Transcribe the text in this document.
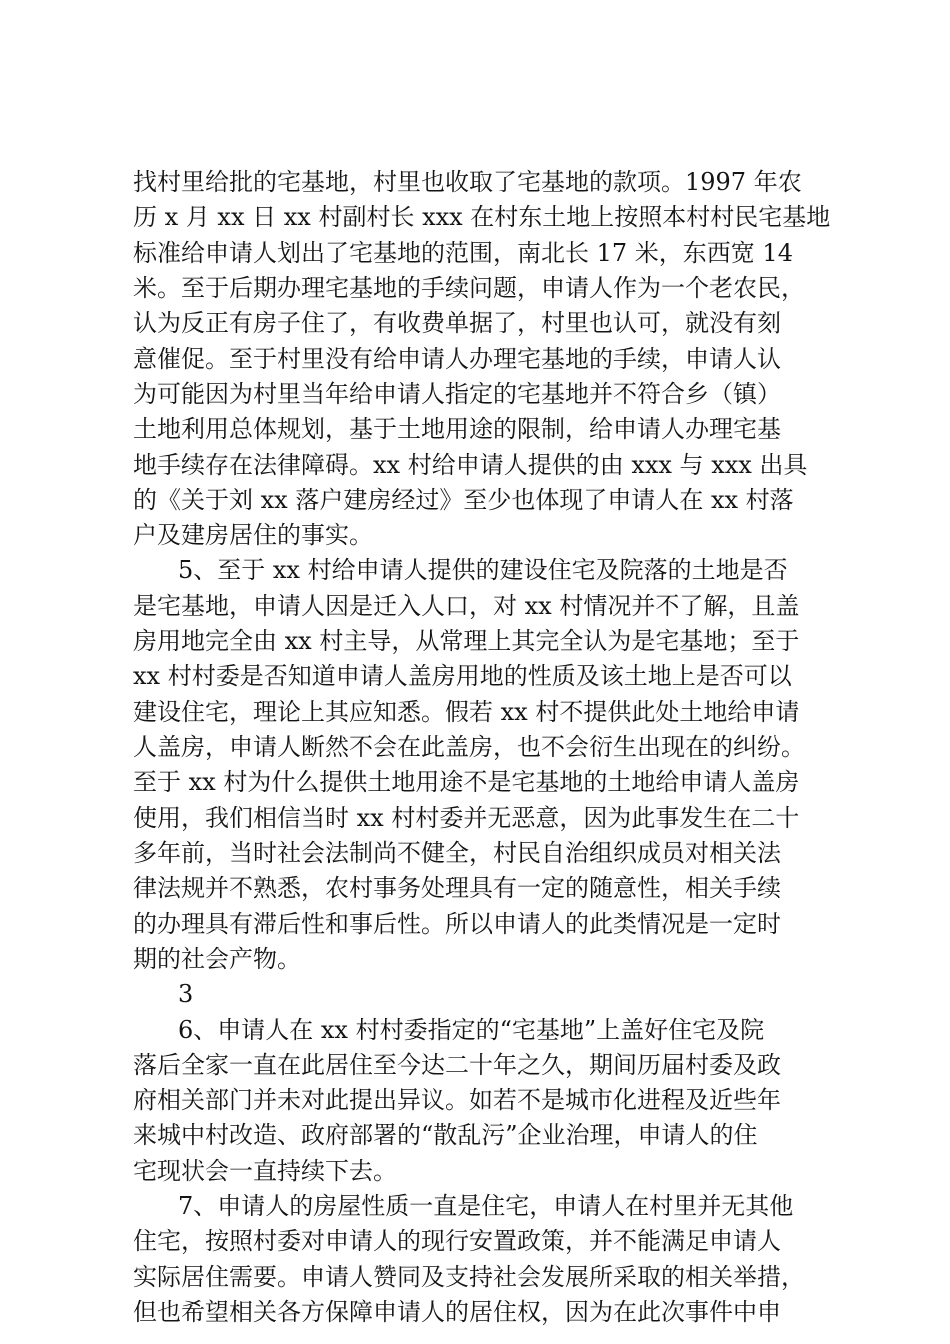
找村里给批的宅基地，村里也收取了宅基地的款项。1997 年农

历 x 月 xx 日 xx 村副村长 xxx 在村东土地上按照本村村民宅基地

标准给申请人划出了宅基地的范围，南北长 17 米，东西宽 14

米。至于后期办理宅基地的手续问题，申请人作为一个老农民，

认为反正有房子住了，有收费单据了，村里也认可，就没有刻

意催促。至于村里没有给申请人办理宅基地的手续，申请人认

为可能因为村里当年给申请人指定的宅基地并不符合乡（镇）

土地利用总体规划，基于土地用途的限制，给申请人办理宅基

地手续存在法律障碍。xx 村给申请人提供的由 xxx 与 xxx 出具

的《关于刘 xx 落户建房经过》至少也体现了申请人在 xx 村落

户及建房居住的事实。

5、至于 xx 村给申请人提供的建设住宅及院落的土地是否

是宅基地，申请人因是迁入人口，对 xx 村情况并不了解，且盖

房用地完全由 xx 村主导，从常理上其完全认为是宅基地；至于

xx 村村委是否知道申请人盖房用地的性质及该土地上是否可以

建设住宅，理论上其应知悉。假若 xx 村不提供此处土地给申请

人盖房，申请人断然不会在此盖房，也不会衍生出现在的纠纷。

至于 xx 村为什么提供土地用途不是宅基地的土地给申请人盖房

使用，我们相信当时 xx 村村委并无恶意，因为此事发生在二十

多年前，当时社会法制尚不健全，村民自治组织成员对相关法

律法规并不熟悉，农村事务处理具有一定的随意性，相关手续

的办理具有滞后性和事后性。所以申请人的此类情况是一定时

期的社会产物。

3

6、申请人在 xx 村村委指定的“宅基地”上盖好住宅及院

落后全家一直在此居住至今达二十年之久，期间历届村委及政

府相关部门并未对此提出异议。如若不是城市化进程及近些年

来城中村改造、政府部署的“散乱污”企业治理，申请人的住

宅现状会一直持续下去。

7、申请人的房屋性质一直是住宅，申请人在村里并无其他

住宅，按照村委对申请人的现行安置政策，并不能满足申请人

实际居住需要。申请人赞同及支持社会发展所采取的相关举措，

但也希望相关各方保障申请人的居住权，因为在此次事件中申
